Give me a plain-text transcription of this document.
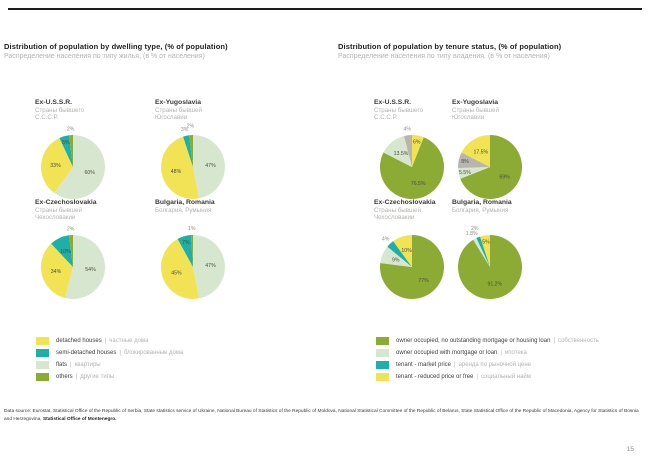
Distribution of population by dwelling type, (% of population)
Распределение населения по типу жилья, (в % от населения)
Distribution of population by tenure status, (% of population)
Распределение населения по типу владения, (в % от населения)
Ex-U.S.S.R.
Страны бывшего С.С.С.Р.
60%
33%
5%
2%
Ex-Yugoslavia
Страны бывшей Югославии
47%
48%
3%
2%
Ex-Czechoslovakia
Страны бывшей Чехословакии
54%
34%
10%
2%
Bulgaria, Romania
Болгария, Румыния
47%
45%
7%
1%
Ex-U.S.S.R.
Страны бывшего С.С.С.Р.
6%
76.5%
13.5%
4%
Ex-Yugoslavia
Страны бывшей Югославии
69%
5.5%
8%
17.5%
Ex-Czechoslovakia
Страны бывшей Чехословакии
77%
9%
4%
10%
Bulgaria, Romania
Болгария, Румыния
91.2%
1.8%
2%
5%
detached houses | частные дома
semi-detached houses | блокированные дома
flats | квартиры
others | другие типы
owner occupied, no outstanding mortgage or housing loan | собственность
owner occupied with mortgage or loan | ипотека
tenant - market price | аренда по рыночной цене
tenant - reduced price or free | социальный найм
Data source: Eurostat, Statistical Office of the Republic of Serbia, State statistics service of Ukraine, National Bureau of Statistics of the Republic of Moldova, National Statistical Committee of the Republic of Belarus, State Statistical Office of the Republic of Macedonia, Agency for Statistics of Bosnia and Herzegovina, Statistical Office of Montenegro.
15
